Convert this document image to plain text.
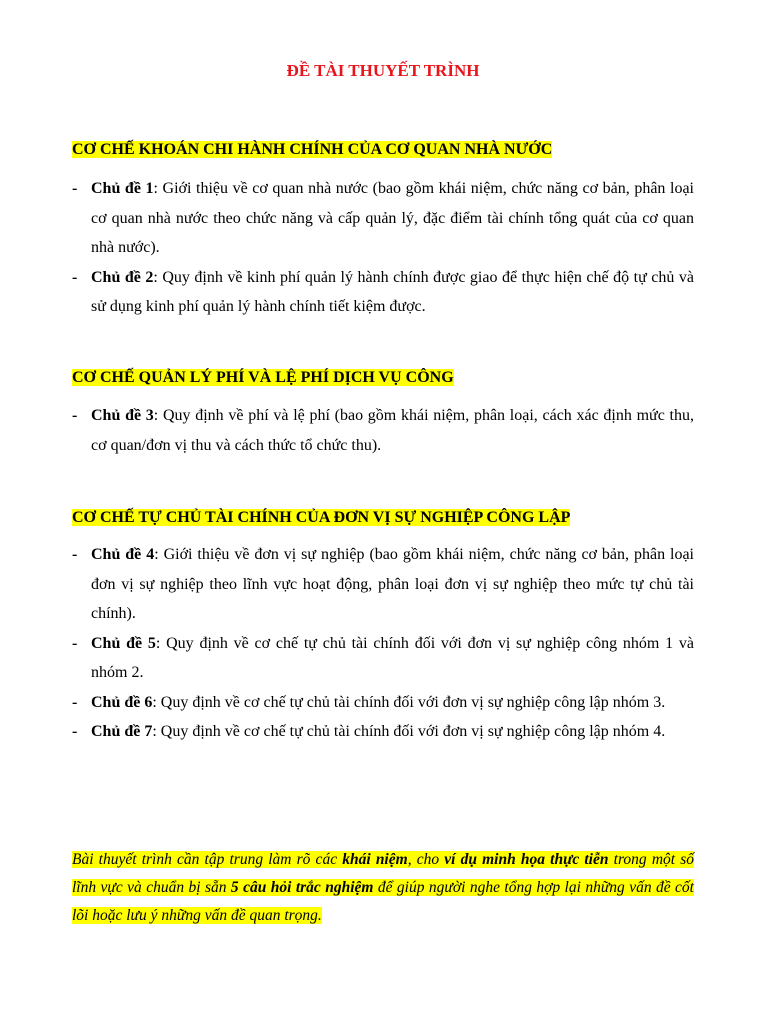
ĐỀ TÀI THUYẾT TRÌNH
CƠ CHẾ KHOÁN CHI HÀNH CHÍNH CỦA CƠ QUAN NHÀ NƯỚC
- Chủ đề 1: Giới thiệu về cơ quan nhà nước (bao gồm khái niệm, chức năng cơ bản, phân loại cơ quan nhà nước theo chức năng và cấp quản lý, đặc điểm tài chính tổng quát của cơ quan nhà nước).
- Chủ đề 2: Quy định về kinh phí quản lý hành chính được giao để thực hiện chế độ tự chủ và sử dụng kinh phí quản lý hành chính tiết kiệm được.
CƠ CHẾ QUẢN LÝ PHÍ VÀ LỆ PHÍ DỊCH VỤ CÔNG
- Chủ đề 3: Quy định về phí và lệ phí (bao gồm khái niệm, phân loại, cách xác định mức thu, cơ quan/đơn vị thu và cách thức tổ chức thu).
CƠ CHẾ TỰ CHỦ TÀI CHÍNH CỦA ĐƠN VỊ SỰ NGHIỆP CÔNG LẬP
- Chủ đề 4: Giới thiệu về đơn vị sự nghiệp (bao gồm khái niệm, chức năng cơ bản, phân loại đơn vị sự nghiệp theo lĩnh vực hoạt động, phân loại đơn vị sự nghiệp theo mức tự chủ tài chính).
- Chủ đề 5: Quy định về cơ chế tự chủ tài chính đối với đơn vị sự nghiệp công nhóm 1 và nhóm 2.
- Chủ đề 6: Quy định về cơ chế tự chủ tài chính đối với đơn vị sự nghiệp công lập nhóm 3.
- Chủ đề 7: Quy định về cơ chế tự chủ tài chính đối với đơn vị sự nghiệp công lập nhóm 4.
Bài thuyết trình cần tập trung làm rõ các khái niệm, cho ví dụ minh họa thực tiễn trong một số lĩnh vực và chuẩn bị sẵn 5 câu hỏi trắc nghiệm để giúp người nghe tổng hợp lại những vấn đề cốt lõi hoặc lưu ý những vấn đề quan trọng.
